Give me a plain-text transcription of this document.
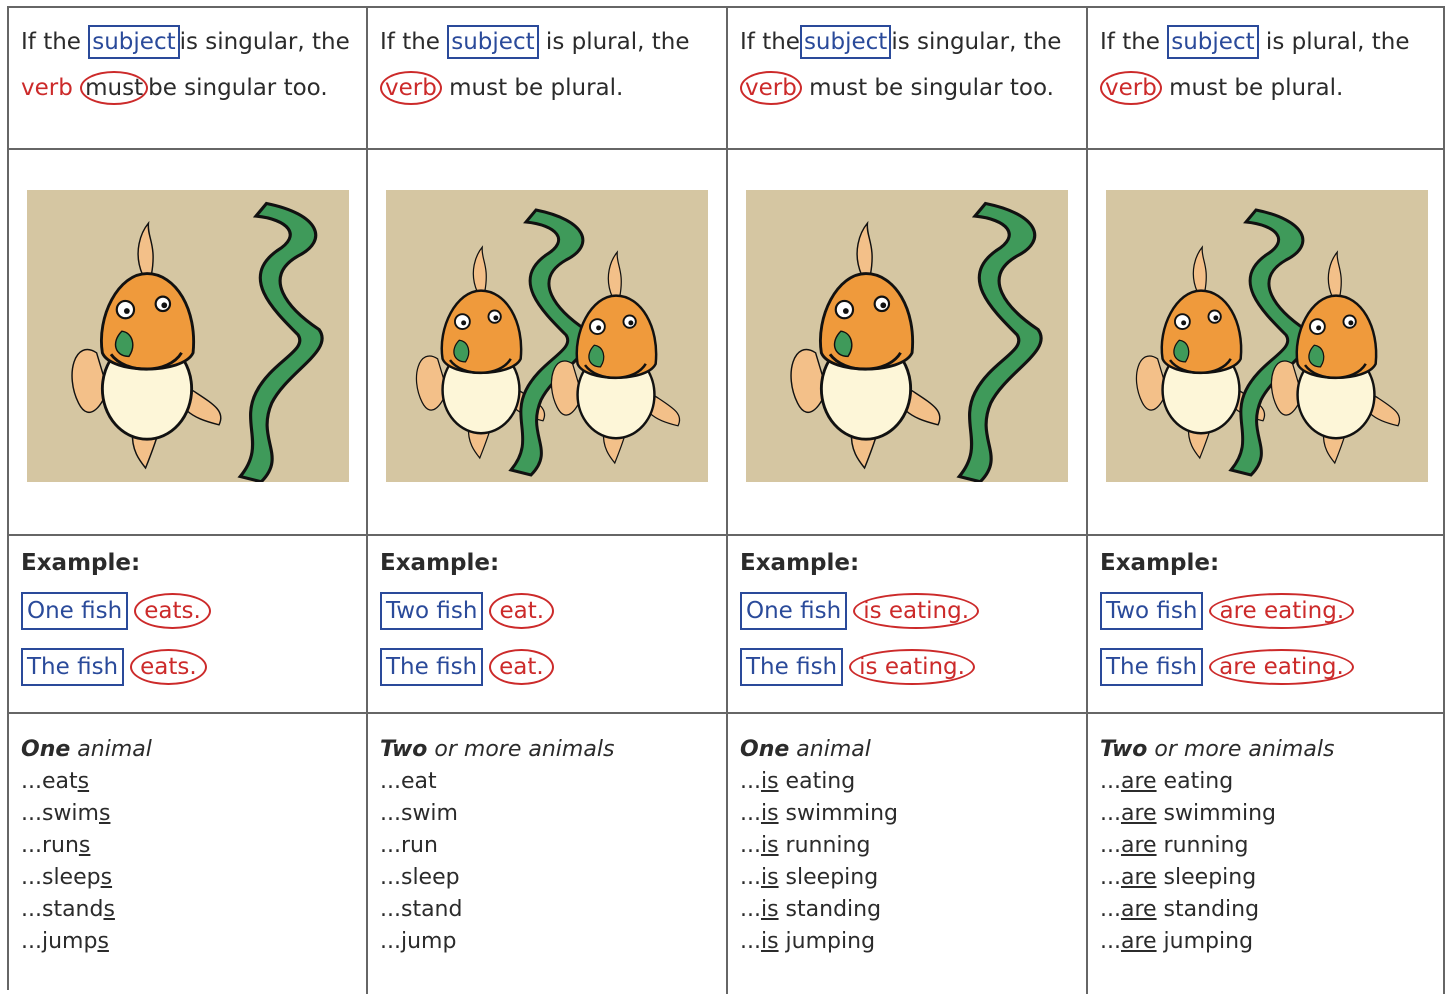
If the subject is singular, the
verb must be singular too.
If the subject is plural, the
verb must be plural.
If the subject is singular, the
verb must be singular too.
If the subject is plural, the
verb must be plural.
Example:
One fish eats.
The fish eats.
Example:
Two fish eat.
The fish eat.
Example:
One fish is eating.
The fish is eating.
Example:
Two fish are eating.
The fish are eating.
One animal
...eats
...swims
...runs
...sleeps
...stands
...jumps
Two or more animals
...eat
...swim
...run
...sleep
...stand
...jump
One animal
...is eating
...is swimming
...is running
...is sleeping
...is standing
...is jumping
Two or more animals
...are eating
...are swimming
...are running
...are sleeping
...are standing
...are jumping
